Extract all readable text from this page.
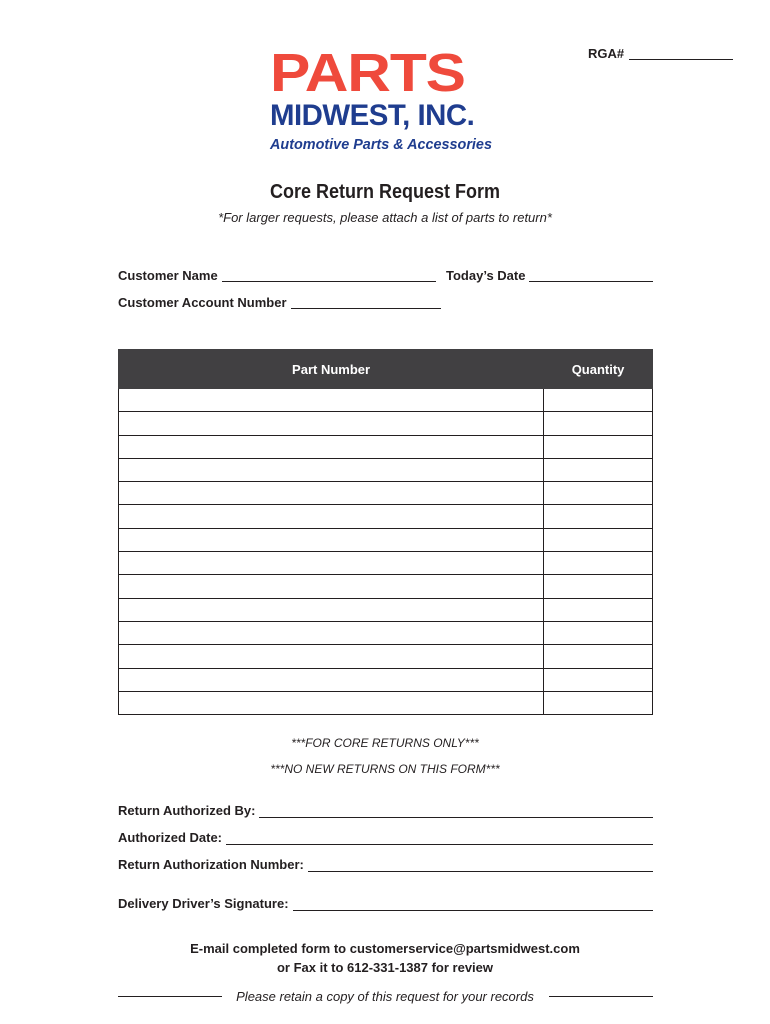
RGA#
PARTS
MIDWEST, INC.
Automotive Parts & Accessories
Core Return Request Form
*For larger requests, please attach a list of parts to return*
Customer Name	Today’s Date
Customer Account Number
Part Number	Quantity

***FOR CORE RETURNS ONLY***
***NO NEW RETURNS ON THIS FORM***
Return Authorized By:
Authorized Date:
Return Authorization Number:
Delivery Driver’s Signature:
E-mail completed form to customerservice@partsmidwest.com
or Fax it to 612-331-1387 for review
Please retain a copy of this request for your records
